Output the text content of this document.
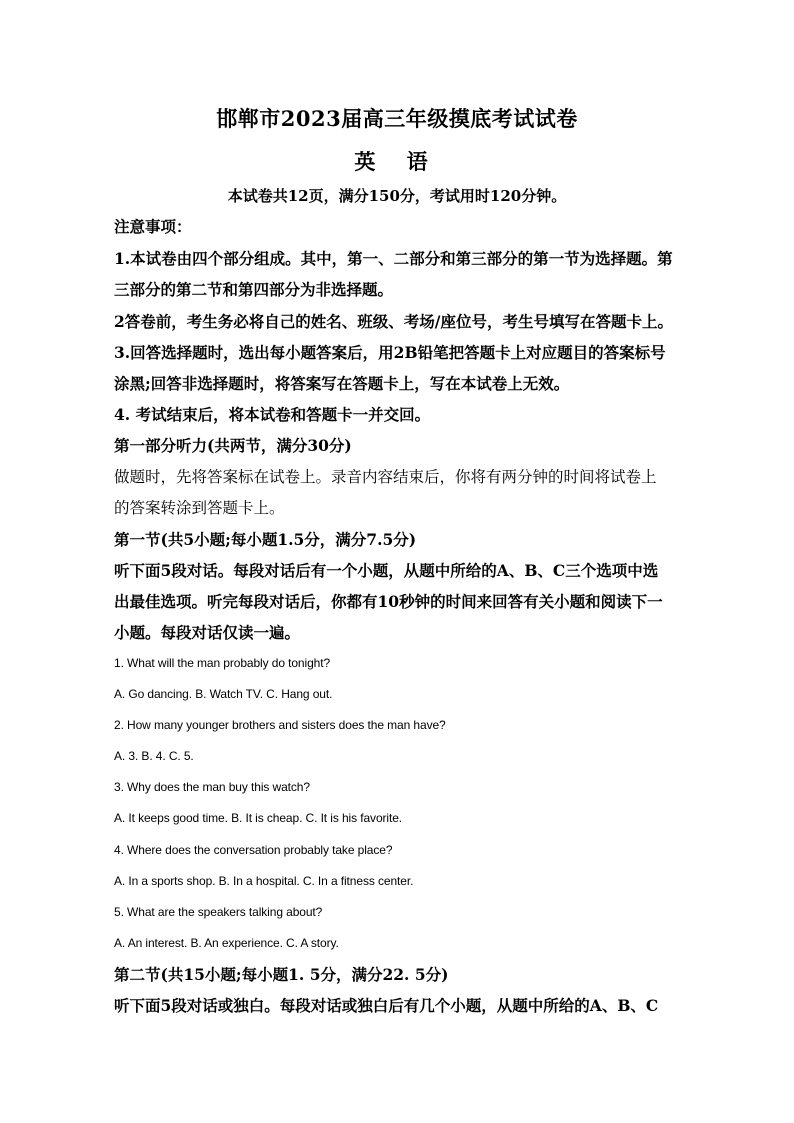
邯郸市2023届高三年级摸底考试试卷
英 语
本试卷共12页，满分150分，考试用时120分钟。
注意事项：
1.本试卷由四个部分组成。其中，第一、二部分和第三部分的第一节为选择题。第
三部分的第二节和第四部分为非选择题。
2答卷前，考生务必将自己的姓名、班级、考场/座位号，考生号填写在答题卡上。
3.回答选择题时，选出每小题答案后，用2B铅笔把答题卡上对应题目的答案标号
涂黑;回答非选择题时，将答案写在答题卡上，写在本试卷上无效。
4. 考试结束后，将本试卷和答题卡一并交回。
第一部分听力(共两节，满分30分)
做题时，先将答案标在试卷上。录音内容结束后，你将有两分钟的时间将试卷上
的答案转涂到答题卡上。
第一节(共5小题;每小题1.5分，满分7.5分)
听下面5段对话。每段对话后有一个小题，从题中所给的A、B、C三个选项中选
出最佳选项。听完每段对话后，你都有10秒钟的时间来回答有关小题和阅读下一
小题。每段对话仅读一遍。
1. What will the man probably do tonight?
A. Go dancing. B. Watch TV. C. Hang out.
2. How many younger brothers and sisters does the man have?
A. 3. B. 4. C. 5.
3. Why does the man buy this watch?
A. It keeps good time. B. It is cheap. C. It is his favorite.
4. Where does the conversation probably take place?
A. In a sports shop. B. In a hospital. C. In a fitness center.
5. What are the speakers talking about?
A. An interest. B. An experience. C. A story.
第二节(共15小题;每小题1. 5分，满分22. 5分)
听下面5段对话或独白。每段对话或独白后有几个小题，从题中所给的A、B、C
